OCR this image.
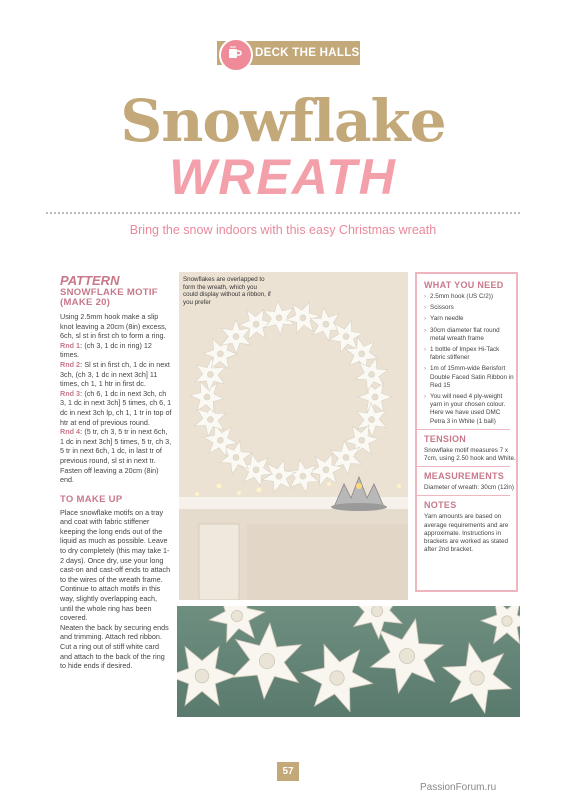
DECK THE HALLS
Snowflake
WREATH
Bring the snow indoors with this easy Christmas wreath
PATTERN
SNOWFLAKE MOTIF (MAKE 20)

Using 2.5mm hook make a slip knot leaving a 20cm (8in) excess, 6ch, sl st in first ch to form a ring.

Rnd 1: (ch 3, 1 dc in ring) 12 times.

Rnd 2: Sl st in first ch, 1 dc in next 3ch, (ch 3, 1 dc in next 3ch] 11 times, ch 1, 1 htr in first dc.

Rnd 3: (ch 6, 1 dc in next 3ch, ch 3, 1 dc in next 3ch] 5 times, ch 6, 1 dc in next 3ch lp, ch 1, 1 tr in top of htr at end of previous round.

Rnd 4: (5 tr, ch 3, 5 tr in next 6ch, 1 dc in next 3ch] 5 times, 5 tr, ch 3, 5 tr in next 6ch, 1 dc, in last tr of previous round, sl st in next tr. Fasten off leaving a 20cm (8in) end.

TO MAKE UP

Place snowflake motifs on a tray and coat with fabric stiffener keeping the long ends out of the liquid as much as possible. Leave to dry completely (this may take 1-2 days). Once dry, use your long cast-on and cast-off ends to attach to the wires of the wreath frame. Continue to attach motifs in this way, slightly overlapping each, until the whole ring has been covered.

Neaten the back by securing ends and trimming. Attach red ribbon. Cut a ring out of stiff white card and attach to the back of the ring to hide ends if desired.

Snowflakes are overlapped to form the wreath, which you could display without a ribbon, if you prefer
WHAT YOU NEED
› 2.5mm hook (US C/2))
› Scissors
› Yarn needle
› 30cm diameter flat round metal wreath frame
› 1 bottle of Impex Hi-Tack fabric stiffener
› 1m of 15mm-wide Berisfort Double Faced Satin Ribbon in Red 15
› You will need 4 ply-weight yarn in your chosen colour. Here we have used DMC Petra 3 in White (1 ball)
TENSION

Snowflake motif measures 7 x 7cm, using 2.50 hook and White.

MEASUREMENTS

Diameter of wreath: 30cm (12in)

NOTES

Yarn amounts are based on average requirements and are approximate. Instructions in brackets are worked as stated after 2nd bracket.

57
PassionForum.ru
